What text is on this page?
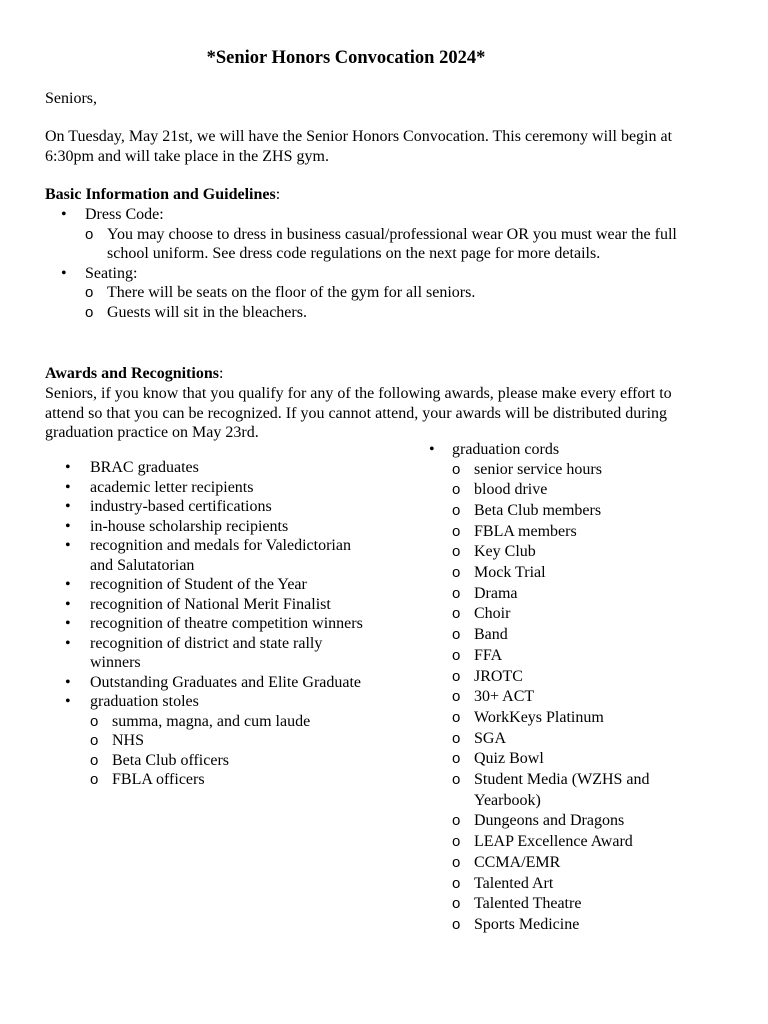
*Senior Honors Convocation 2024*

Seniors,

On Tuesday, May 21st, we will have the Senior Honors Convocation. This ceremony will begin at 6:30pm and will take place in the ZHS gym.

Basic Information and Guidelines:

• Dress Code:
o You may choose to dress in business casual/professional wear OR you must wear the full school uniform. See dress code regulations on the next page for more details.
• Seating:
o There will be seats on the floor of the gym for all seniors.
o Guests will sit in the bleachers.

Awards and Recognitions:

Seniors, if you know that you qualify for any of the following awards, please make every effort to attend so that you can be recognized. If you cannot attend, your awards will be distributed during graduation practice on May 23rd.

• BRAC graduates
• academic letter recipients
• industry-based certifications
• in-house scholarship recipients
• recognition and medals for Valedictorian and Salutatorian
• recognition of Student of the Year
• recognition of National Merit Finalist
• recognition of theatre competition winners
• recognition of district and state rally winners
• Outstanding Graduates and Elite Graduate
• graduation stoles
o summa, magna, and cum laude
o NHS
o Beta Club officers
o FBLA officers
• graduation cords
o senior service hours
o blood drive
o Beta Club members
o FBLA members
o Key Club
o Mock Trial
o Drama
o Choir
o Band
o FFA
o JROTC
o 30+ ACT
o WorkKeys Platinum
o SGA
o Quiz Bowl
o Student Media (WZHS and Yearbook)
o Dungeons and Dragons
o LEAP Excellence Award
o CCMA/EMR
o Talented Art
o Talented Theatre
o Sports Medicine
